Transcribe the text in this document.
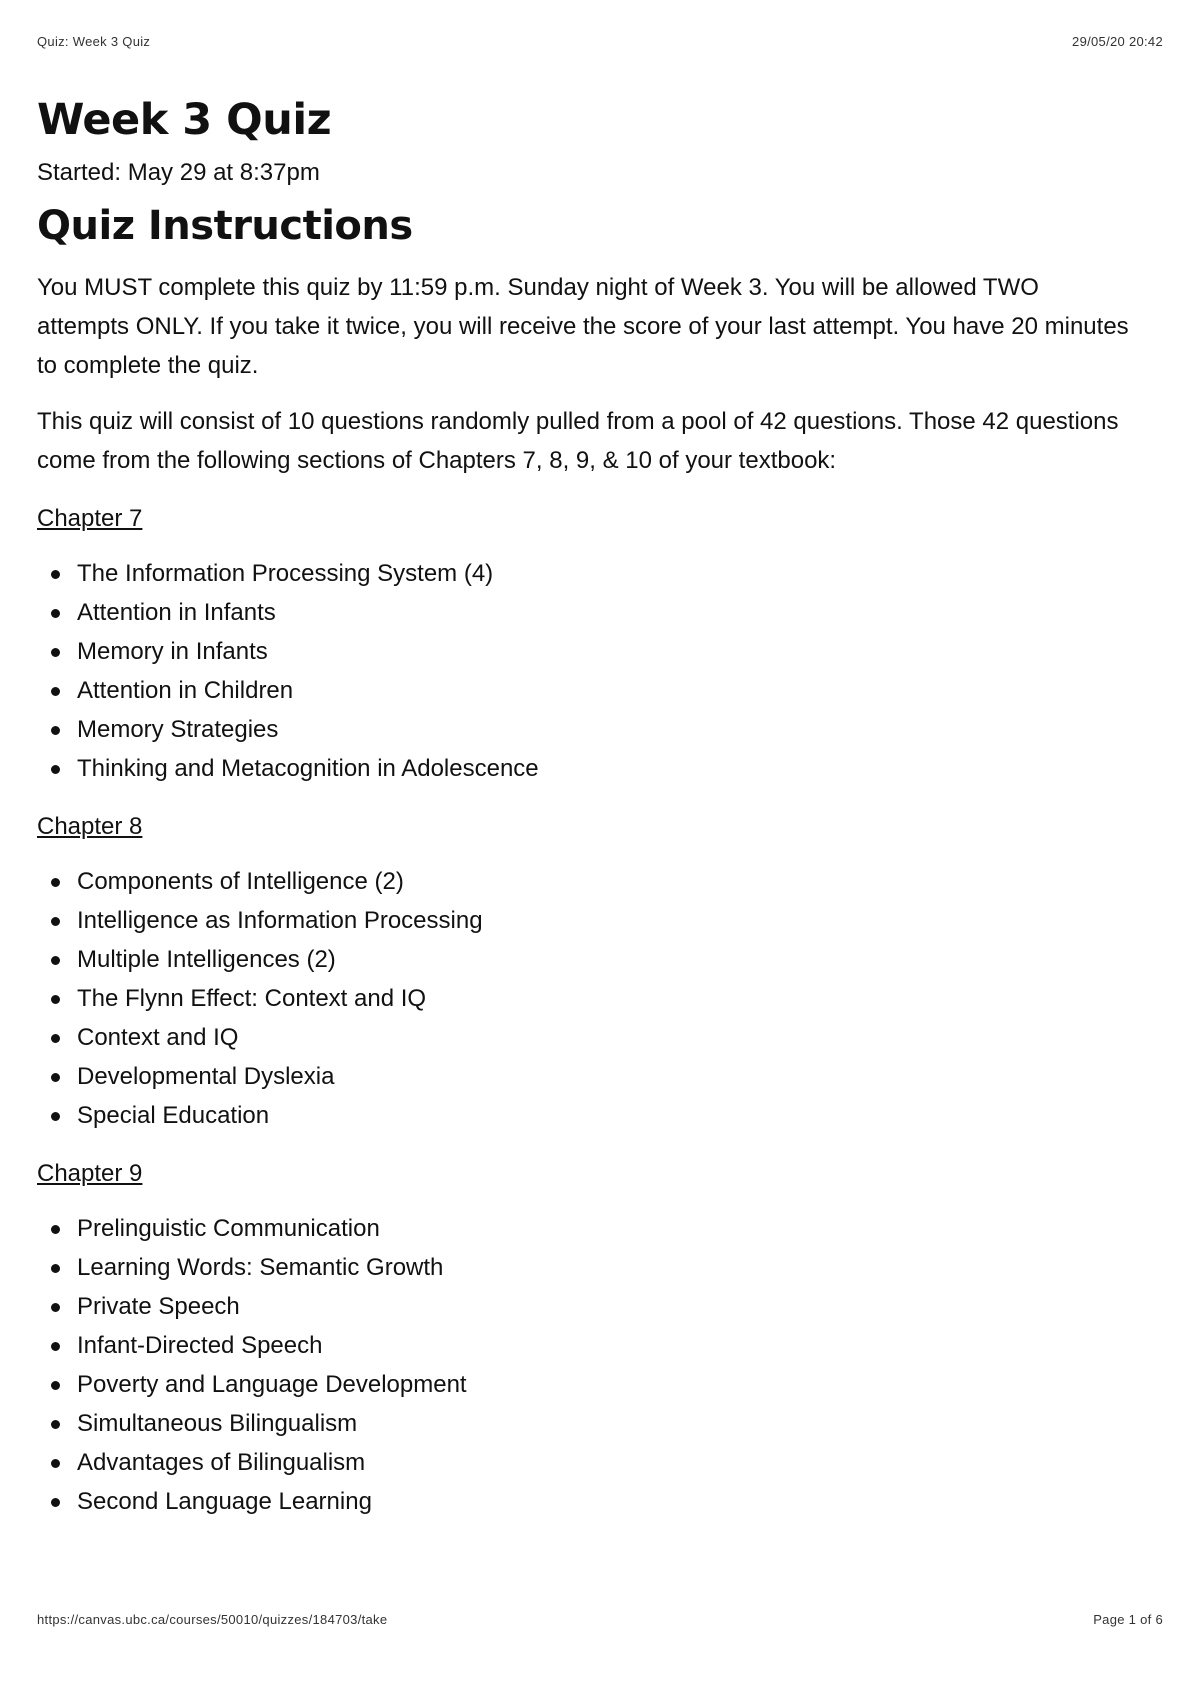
Quiz: Week 3 Quiz	29/05/20 20:42
Week 3 Quiz
Started: May 29 at 8:37pm
Quiz Instructions

You MUST complete this quiz by 11:59 p.m. Sunday night of Week 3. You will be allowed TWO attempts ONLY. If you take it twice, you will receive the score of your last attempt. You have 20 minutes to complete the quiz.

This quiz will consist of 10 questions randomly pulled from a pool of 42 questions. Those 42 questions come from the following sections of Chapters 7, 8, 9, & 10 of your textbook:

Chapter 7
The Information Processing System (4)
Attention in Infants
Memory in Infants
Attention in Children
Memory Strategies
Thinking and Metacognition in Adolescence
Chapter 8
Components of Intelligence (2)
Intelligence as Information Processing
Multiple Intelligences (2)
The Flynn Effect: Context and IQ
Context and IQ
Developmental Dyslexia
Special Education
Chapter 9
Prelinguistic Communication
Learning Words: Semantic Growth
Private Speech
Infant-Directed Speech
Poverty and Language Development
Simultaneous Bilingualism
Advantages of Bilingualism
Second Language Learning
https://canvas.ubc.ca/courses/50010/quizzes/184703/take	Page 1 of 6
